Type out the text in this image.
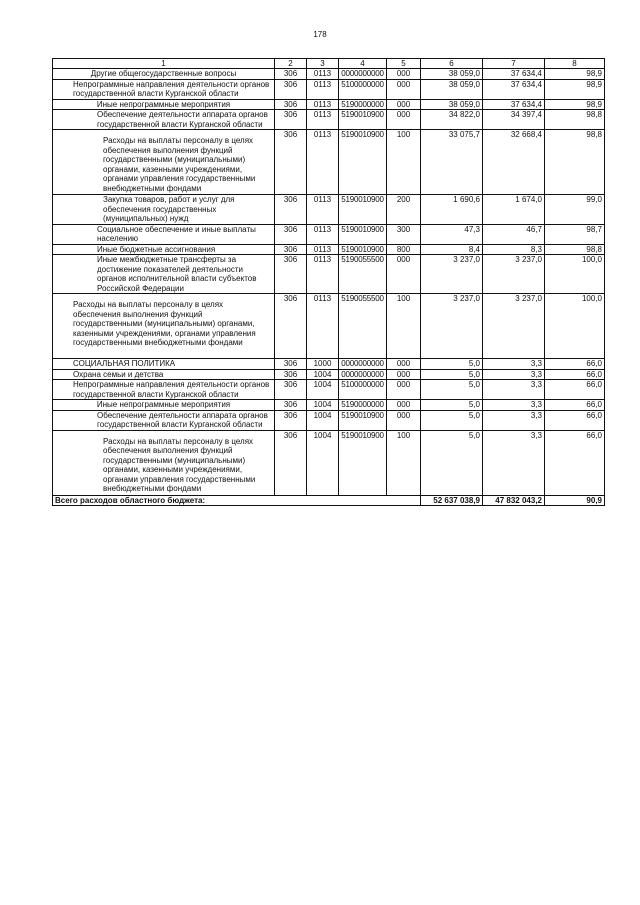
178
1	2	3	4	5	6	7	8
Другие общегосударственные вопросы	306	0113	0000000000	000	38 059,0	37 634,4	98,9
Непрограммные направления деятельности органов государственной власти Курганской области	306	0113	5100000000	000	38 059,0	37 634,4	98,9
Иные непрограммные мероприятия	306	0113	5190000000	000	38 059,0	37 634,4	98,9
Обеспечение деятельности аппарата органов государственной власти Курганской области	306	0113	5190010900	000	34 822,0	34 397,4	98,8
Расходы на выплаты персоналу в целях обеспечения выполнения функций государственными (муниципальными) органами, казенными учреждениями, органами управления государственными внебюджетными фондами	306	0113	5190010900	100	33 075,7	32 668,4	98,8
Закупка товаров, работ и услуг для обеспечения государственных (муниципальных) нужд	306	0113	5190010900	200	1 690,6	1 674,0	99,0
Социальное обеспечение и иные выплаты населению	306	0113	5190010900	300	47,3	46,7	98,7
Иные бюджетные ассигнования	306	0113	5190010900	800	8,4	8,3	98,8
Иные межбюджетные трансферты за достижение показателей деятельности органов исполнительной власти субъектов Российской Федерации	306	0113	5190055500	000	3 237,0	3 237,0	100,0
Расходы на выплаты персоналу в целях обеспечения выполнения функций государственными (муниципальными) органами, казенными учреждениями, органами управления государственными внебюджетными фондами	306	0113	5190055500	100	3 237,0	3 237,0	100,0
СОЦИАЛЬНАЯ ПОЛИТИКА	306	1000	0000000000	000	5,0	3,3	66,0
Охрана семьи и детства	306	1004	0000000000	000	5,0	3,3	66,0
Непрограммные направления деятельности органов государственной власти Курганской области	306	1004	5100000000	000	5,0	3,3	66,0
Иные непрограммные мероприятия	306	1004	5190000000	000	5,0	3,3	66,0
Обеспечение деятельности аппарата органов государственной власти Курганской области	306	1004	5190010900	000	5,0	3,3	66,0
Расходы на выплаты персоналу в целях обеспечения выполнения функций государственными (муниципальными) органами, казенными учреждениями, органами управления государственными внебюджетными фондами	306	1004	5190010900	100	5,0	3,3	66,0
Всего расходов областного бюджета:					52 637 038,9	47 832 043,2	90,9
